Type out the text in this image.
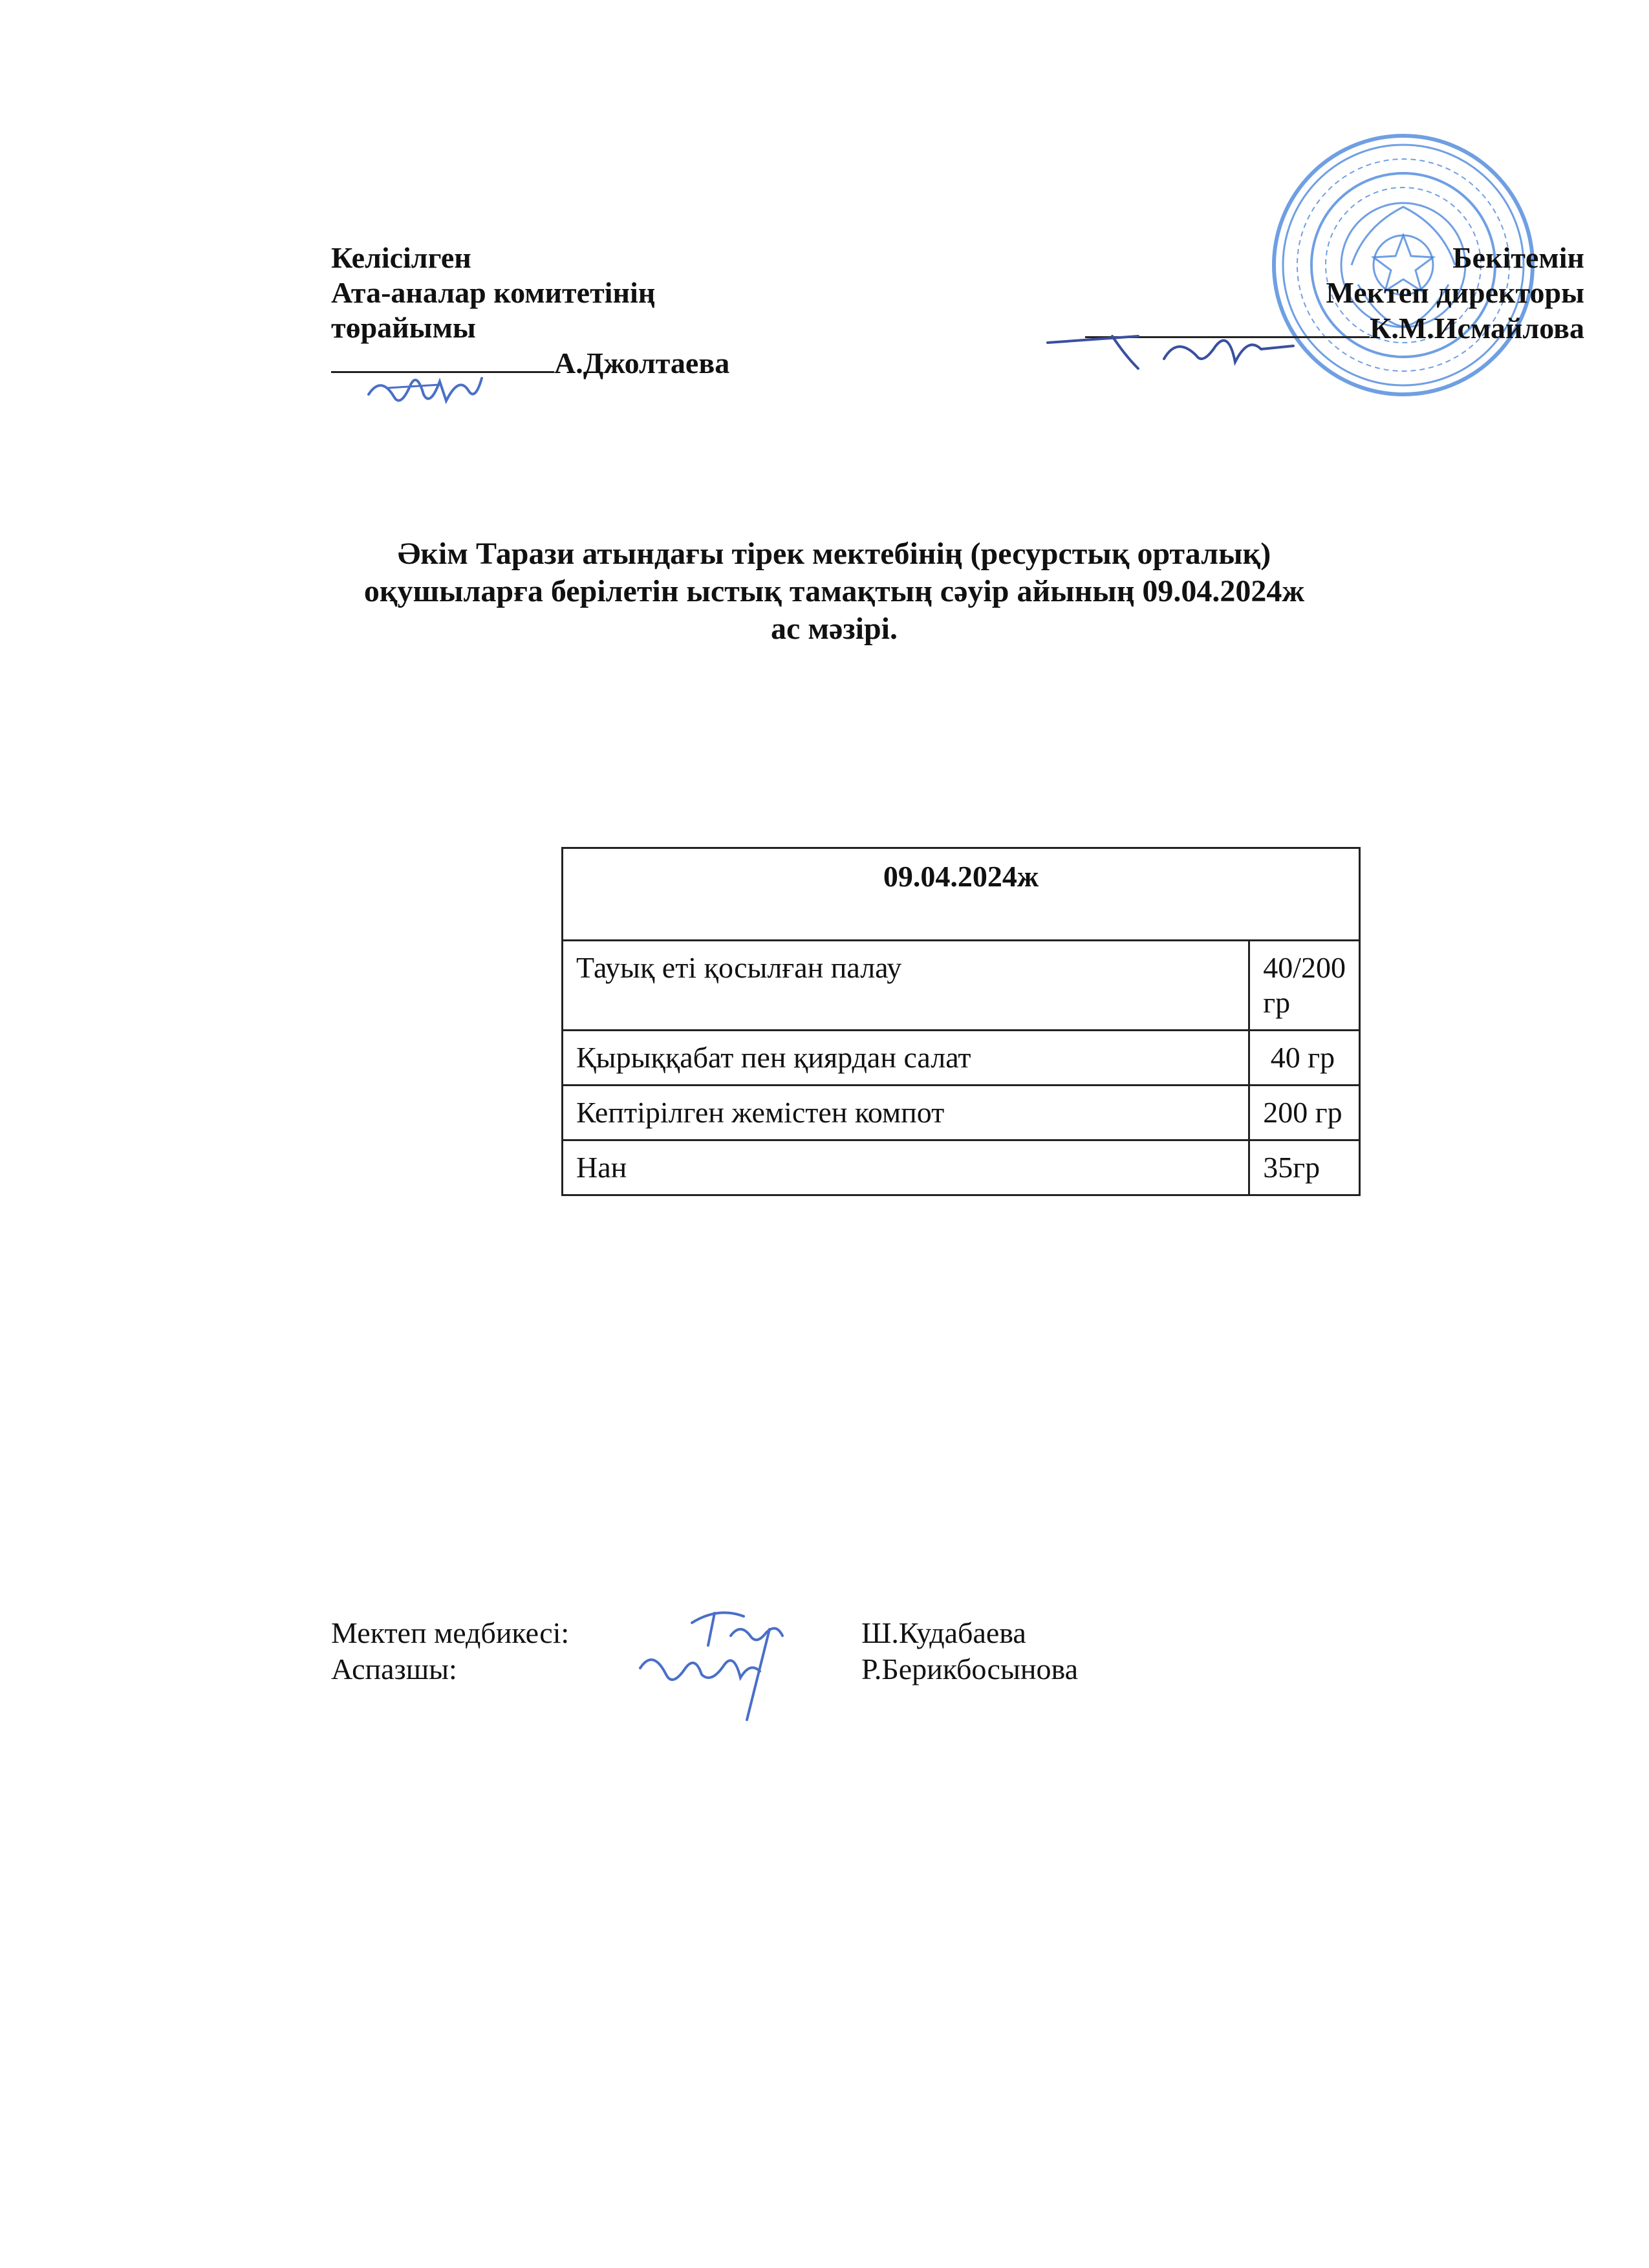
Келісілген
Ата-аналар комитетінің
төрайымы
А.Джолтаева
Бекітемін
Мектеп директоры
К.М.Исмайлова
Әкім Тарази атындағы тірек мектебінің (ресурстық орталық)
оқушыларға берілетін ыстық тамақтың сәуір айының 09.04.2024ж
ас мәзірі.
09.04.2024ж	
Тауық еті қосылған палау	40/200 гр
Қырыққабат пен қиярдан салат	40 гр
Кептірілген жемістен компот	200 гр
Нан	35гр
Мектеп медбикесі:	Ш.Кудабаева
Аспазшы:	Р.Берикбосынова
